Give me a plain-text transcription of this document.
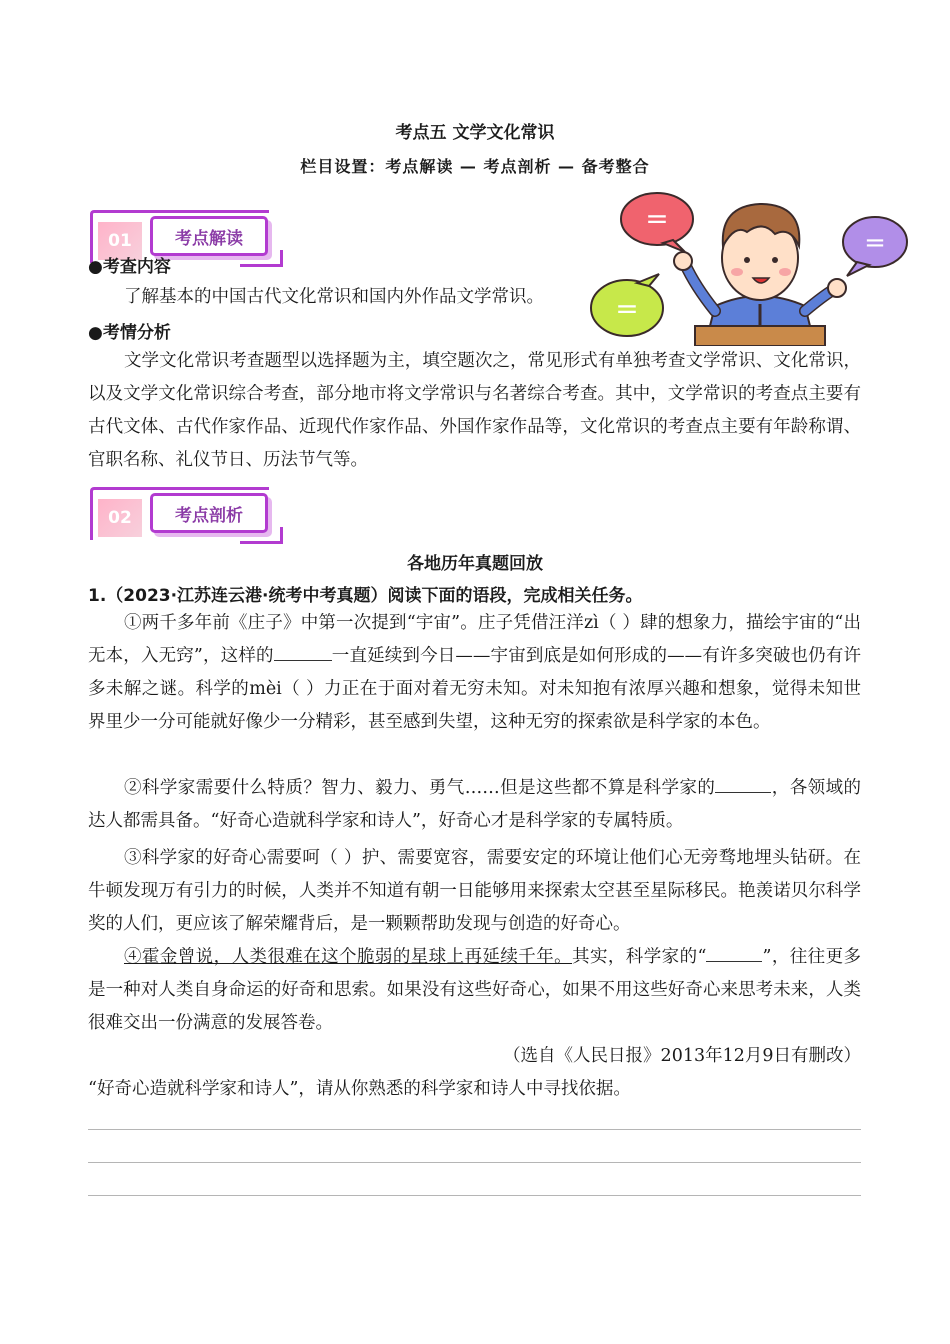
考点五 文学文化常识
栏目设置：考点解读 — 考点剖析 — 备考整合
01	考点解读
=
=
=
●考查内容
了解基本的中国古代文化常识和国内外作品文学常识。
●考情分析
文学文化常识考查题型以选择题为主，填空题次之，常见形式有单独考查文学常识、文化常识，以及文学文化常识综合考查，部分地市将文学常识与名著综合考查。其中，文学常识的考查点主要有古代文体、古代作家作品、近现代作家作品、外国作家作品等，文化常识的考查点主要有年龄称谓、官职名称、礼仪节日、历法节气等。
02	考点剖析
各地历年真题回放
1.（2023·江苏连云港·统考中考真题）阅读下面的语段，完成相关任务。
①两千多年前《庄子》中第一次提到“宇宙”。庄子凭借汪洋zì（ ）肆的想象力，描绘宇宙的“出无本，入无窍”，这样的	一直延续到今日——宇宙到底是如何形成的——有许多突破也仍有许多未解之谜。科学的mèi（ ）力正在于面对着无穷未知。对未知抱有浓厚兴趣和想象，觉得未知世界里少一分可能就好像少一分精彩，甚至感到失望，这种无穷的探索欲是科学家的本色。
②科学家需要什么特质？智力、毅力、勇气……但是这些都不算是科学家的	，各领域的达人都需具备。“好奇心造就科学家和诗人”，好奇心才是科学家的专属特质。
③科学家的好奇心需要呵（ ）护、需要宽容，需要安定的环境让他们心无旁骛地埋头钻研。在牛顿发现万有引力的时候，人类并不知道有朝一日能够用来探索太空甚至星际移民。艳羡诺贝尔科学奖的人们，更应该了解荣耀背后，是一颗颗帮助发现与创造的好奇心。
④霍金曾说，人类很难在这个脆弱的星球上再延续千年。其实，科学家的“	”，往往更多是一种对人类自身命运的好奇和思索。如果没有这些好奇心，如果不用这些好奇心来思考未来，人类很难交出一份满意的发展答卷。
（选自《人民日报》2013年12月9日有删改）
“好奇心造就科学家和诗人”，请从你熟悉的科学家和诗人中寻找依据。
